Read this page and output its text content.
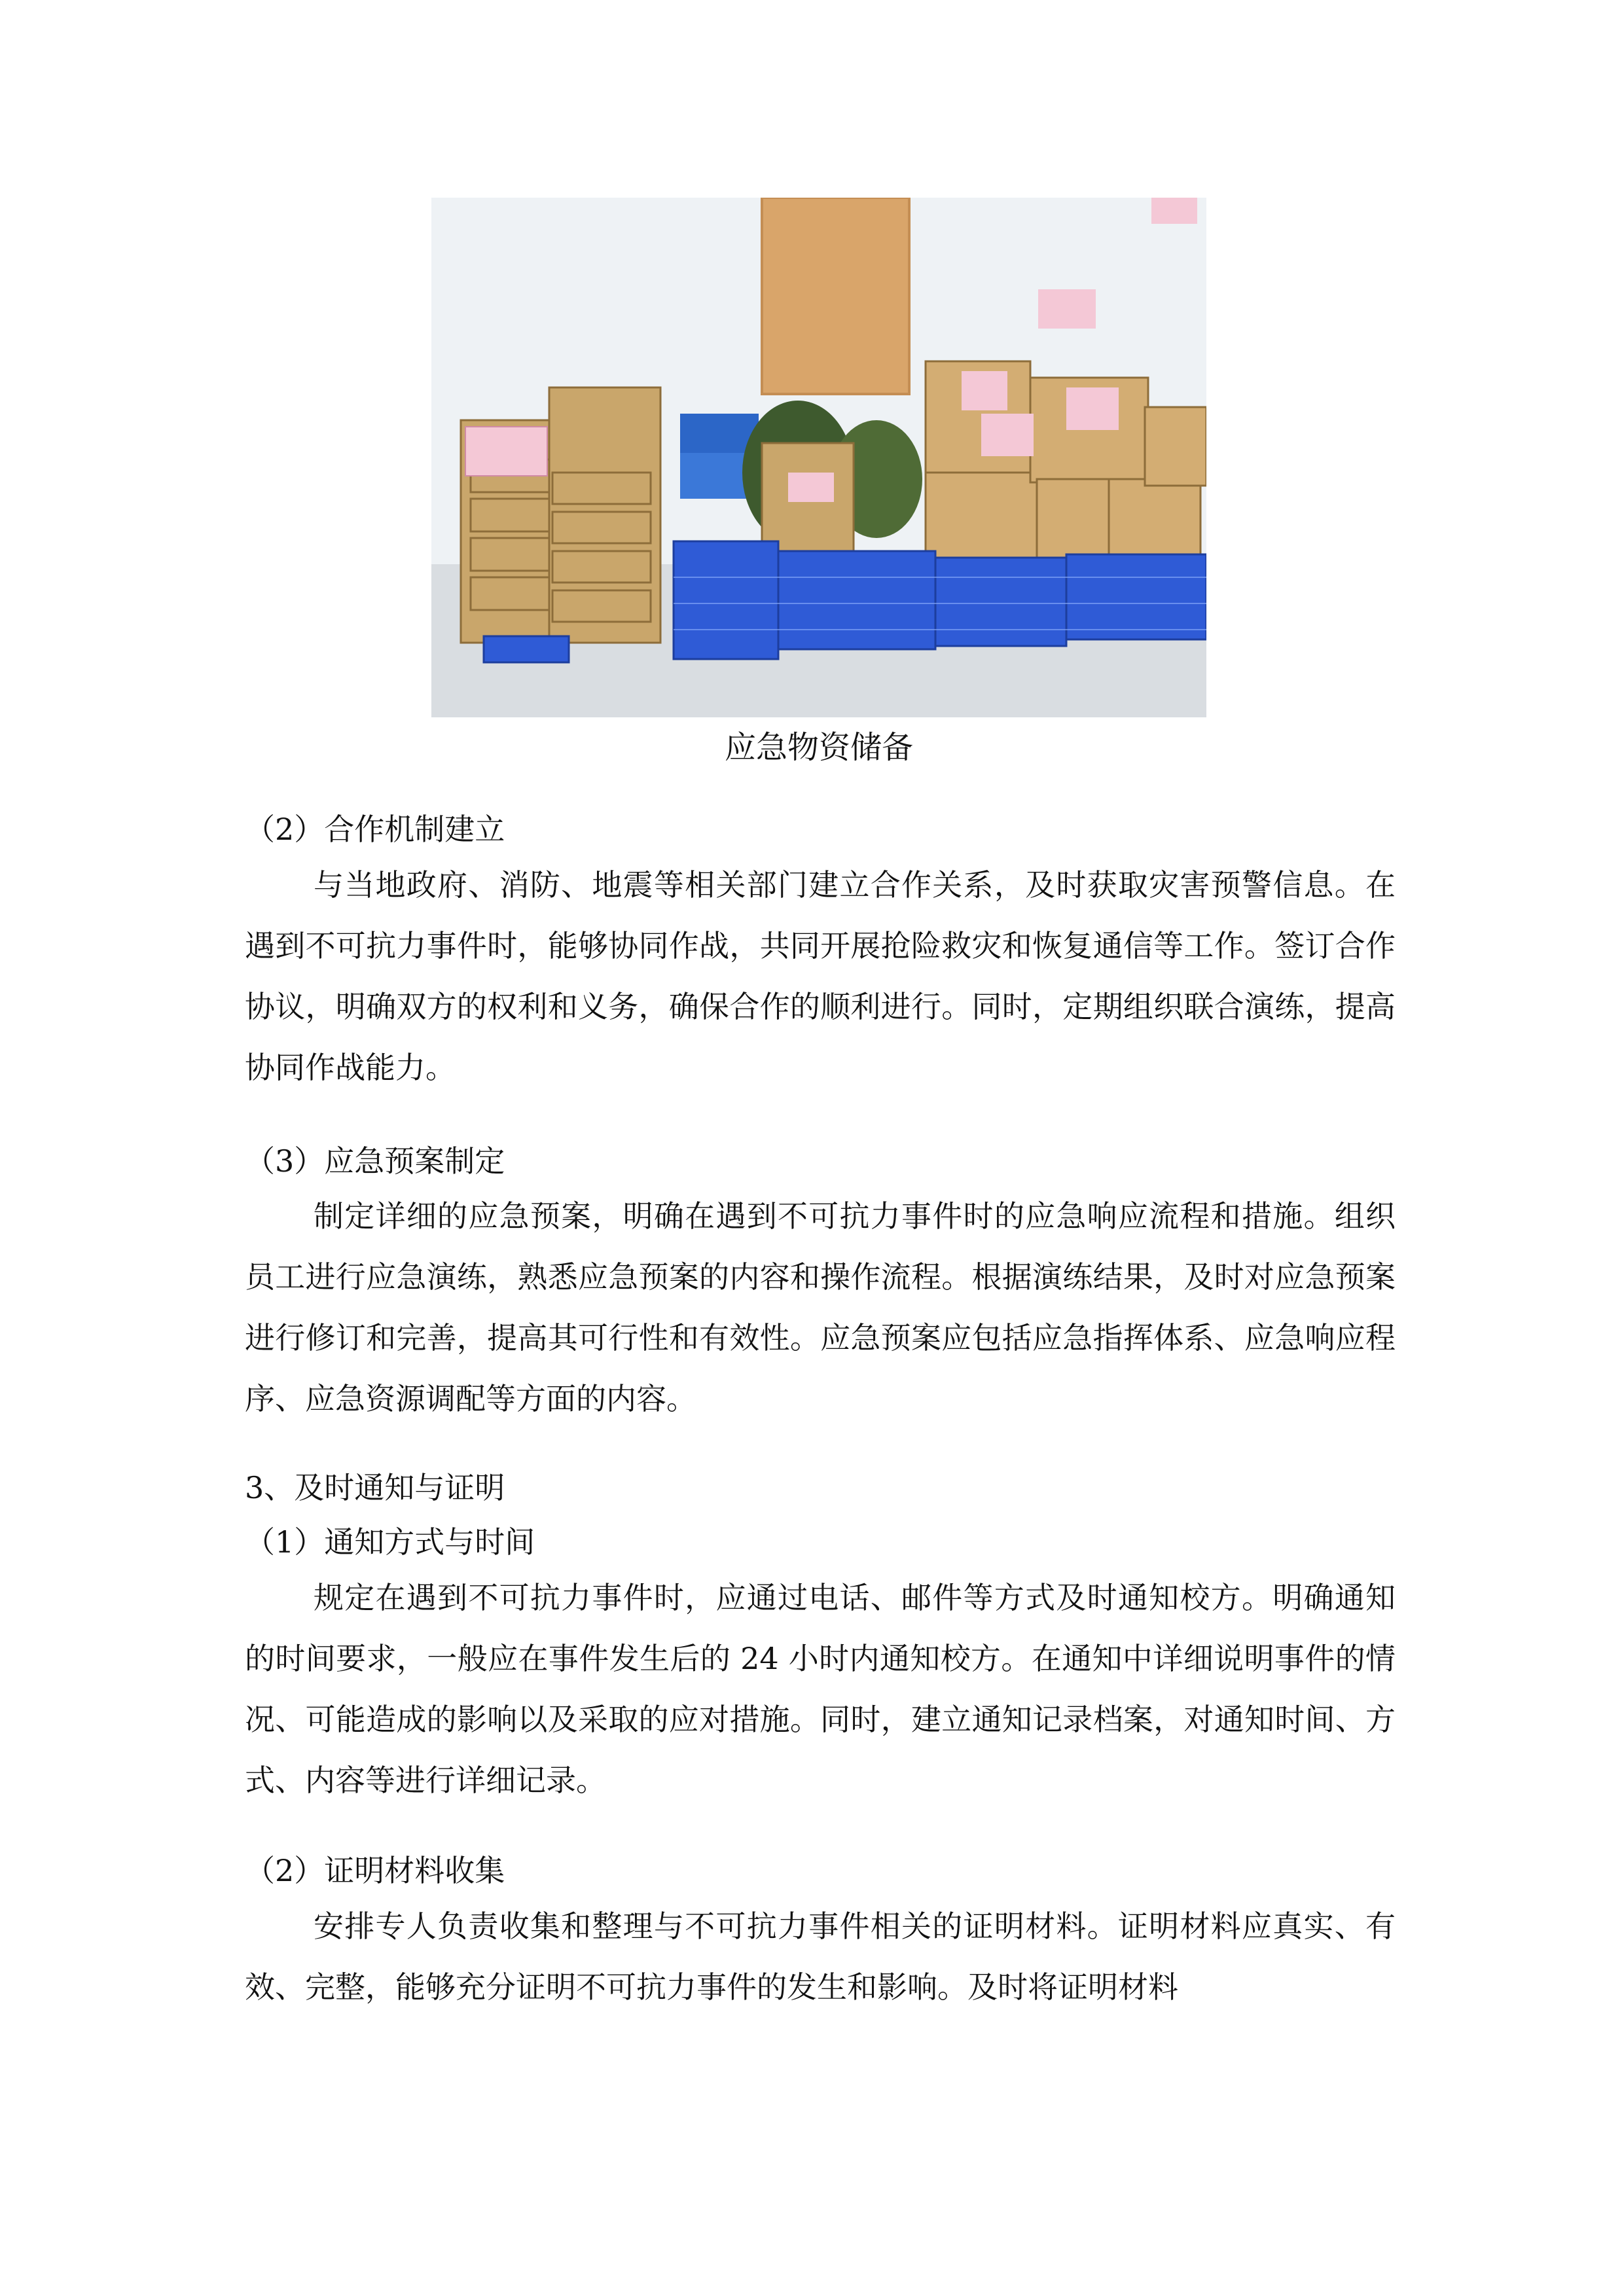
应急物资储备
（2）合作机制建立
与当地政府、消防、地震等相关部门建立合作关系，及时获取灾害预警信息。在遇到不可抗力事件时，能够协同作战，共同开展抢险救灾和恢复通信等工作。签订合作协议，明确双方的权利和义务，确保合作的顺利进行。同时，定期组织联合演练，提高协同作战能力。
（3）应急预案制定
制定详细的应急预案，明确在遇到不可抗力事件时的应急响应流程和措施。组织员工进行应急演练，熟悉应急预案的内容和操作流程。根据演练结果，及时对应急预案进行修订和完善，提高其可行性和有效性。应急预案应包括应急指挥体系、应急响应程序、应急资源调配等方面的内容。
3、及时通知与证明
（1）通知方式与时间
规定在遇到不可抗力事件时，应通过电话、邮件等方式及时通知校方。明确通知的时间要求，一般应在事件发生后的 24 小时内通知校方。在通知中详细说明事件的情况、可能造成的影响以及采取的应对措施。同时，建立通知记录档案，对通知时间、方式、内容等进行详细记录。
（2）证明材料收集
安排专人负责收集和整理与不可抗力事件相关的证明材料。证明材料应真实、有效、完整，能够充分证明不可抗力事件的发生和影响。及时将证明材料
